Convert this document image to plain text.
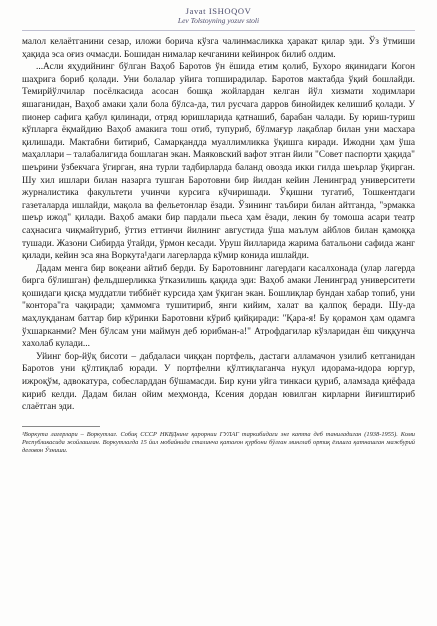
Javat ISHOQOV
Lev Tolstoyning yozuv stoli

малол келаётганини сезар, иложи борича кўзга чалинмасликка ҳаракат қилар эди. Ўз ўтмиши ҳақида эса оғиз очмасди. Бошидан нималар кечганини кейинрок билиб олдим.

...Асли яҳудийнинг бўлган Ваҳоб Баротов ўн ёшида етим қолиб, Бухоро яқинидаги Когон шаҳрига бориб қолади. Уни болалар уйига топширадилар. Баротов мактабда ўқий бошлайди. Темирйўлчилар посёлкасида асосан бошқа жойлардан келган йўл хизмати ходимлари яшаганидан, Ваҳоб амаки ҳали бола бўлса-да, тил русчага дарров бинойидек келишиб қолади. У пионер сафига қабул қилинади, отряд юришларида қатнашиб, барабан чалади. Бу юриш-туриш кўпларга ёқмайдию Ваҳоб амакига тош отиб, тупуриб, бўлмағур лақаблар билан уни масхара қилишади. Мактабни битириб, Самарқандда муаллимликка ўқишга киради. Ижодни ҳам ўша маҳаллари – талабалигида бошлаган экан. Маяковский вафот этган йили "Совет паспорти ҳақида" шеърини ўзбекчага ўгирган, яна турли тадбирларда баланд овозда икки гилда шеърлар ўқирган. Шу хил ишлари билан назарга тушган Баротовни бир йилдан кейин Ленинград университети журналистика факультети учинчи курсига кўчиришади. Ўқишни тугатиб, Тошкентдаги газеталарда ишлайди, мақола ва фельетонлар ёзади. Ўзининг таъбири билан айтганда, "эрмакка шеър ижод" қилади. Ваҳоб амаки бир пардали пьеса ҳам ёзади, лекин бу томоша асари театр саҳнасига чиқмайтуриб, ўттиз еттинчи йилнинг августида ўша маълум айблов билан қамоққа тушади. Жазони Сибирда ўтайди, ўрмон кесади. Уруш йилларида жарима батальони сафида жанг қилади, кейин эса яна Воркута¹даги лагерларда кўмир конида ишлайди.

Дадам менга бир воқеани айтиб берди. Бу Баротовнинг лагердаги касалхонада (улар лагерда бирга бўлишган) фельдшерликка ўтказилишь қақида эди: Ваҳоб амаки Ленинград университети қошидаги қисқа муддатли тиббиёт курсида ҳам ўқиган экан. Бошлиқлар бундан хабар топиб, уни "контора"га чақиради; ҳаммомга тушитириб, янги кийим, халат ва қалпоқ беради. Шу-да маҳлуқданам баттар бир кўринки Баротовни кўриб қийқиради: "Қара-я! Бу қорамон ҳам одамга ўхшарканми? Мен бўлсам уни маймун деб юрибман-а!" Атрофдагилар кўзларидан ёш чиққунча хахолаб кулади...

Уйинг бор-йўқ бисоти – дабдаласи чиққан портфель, дастаги алламачон узилиб кетганидан Баротов уни қўлтиқлаб юради. У портфелни қўлтиқлаганча нуқул идорама-идора юргур, ижроқўм, адвокатура, собесларддан бўшамасди. Бир куни уйга тинкаси қуриб, аламзада қиёфада кириб келди. Дадам билан ойим меҳмонда, Ксения дордан ювилган кирларни йиғиштириб слаётган эди.

¹Воркута лагерлари – Воркутлаг. Собиқ СССР НКВДнинг қарорнии ГУЛАГ таркибидаги энг катта деб таниладиган (1938-1955). Коми Республикасида жойлашган. Воркутлагда 15 йил мобайнида сталинча қатағон қурбони бўлган минглаб ортиқ ёзишга қатнашган мажбурий деловон Ўзниши.
